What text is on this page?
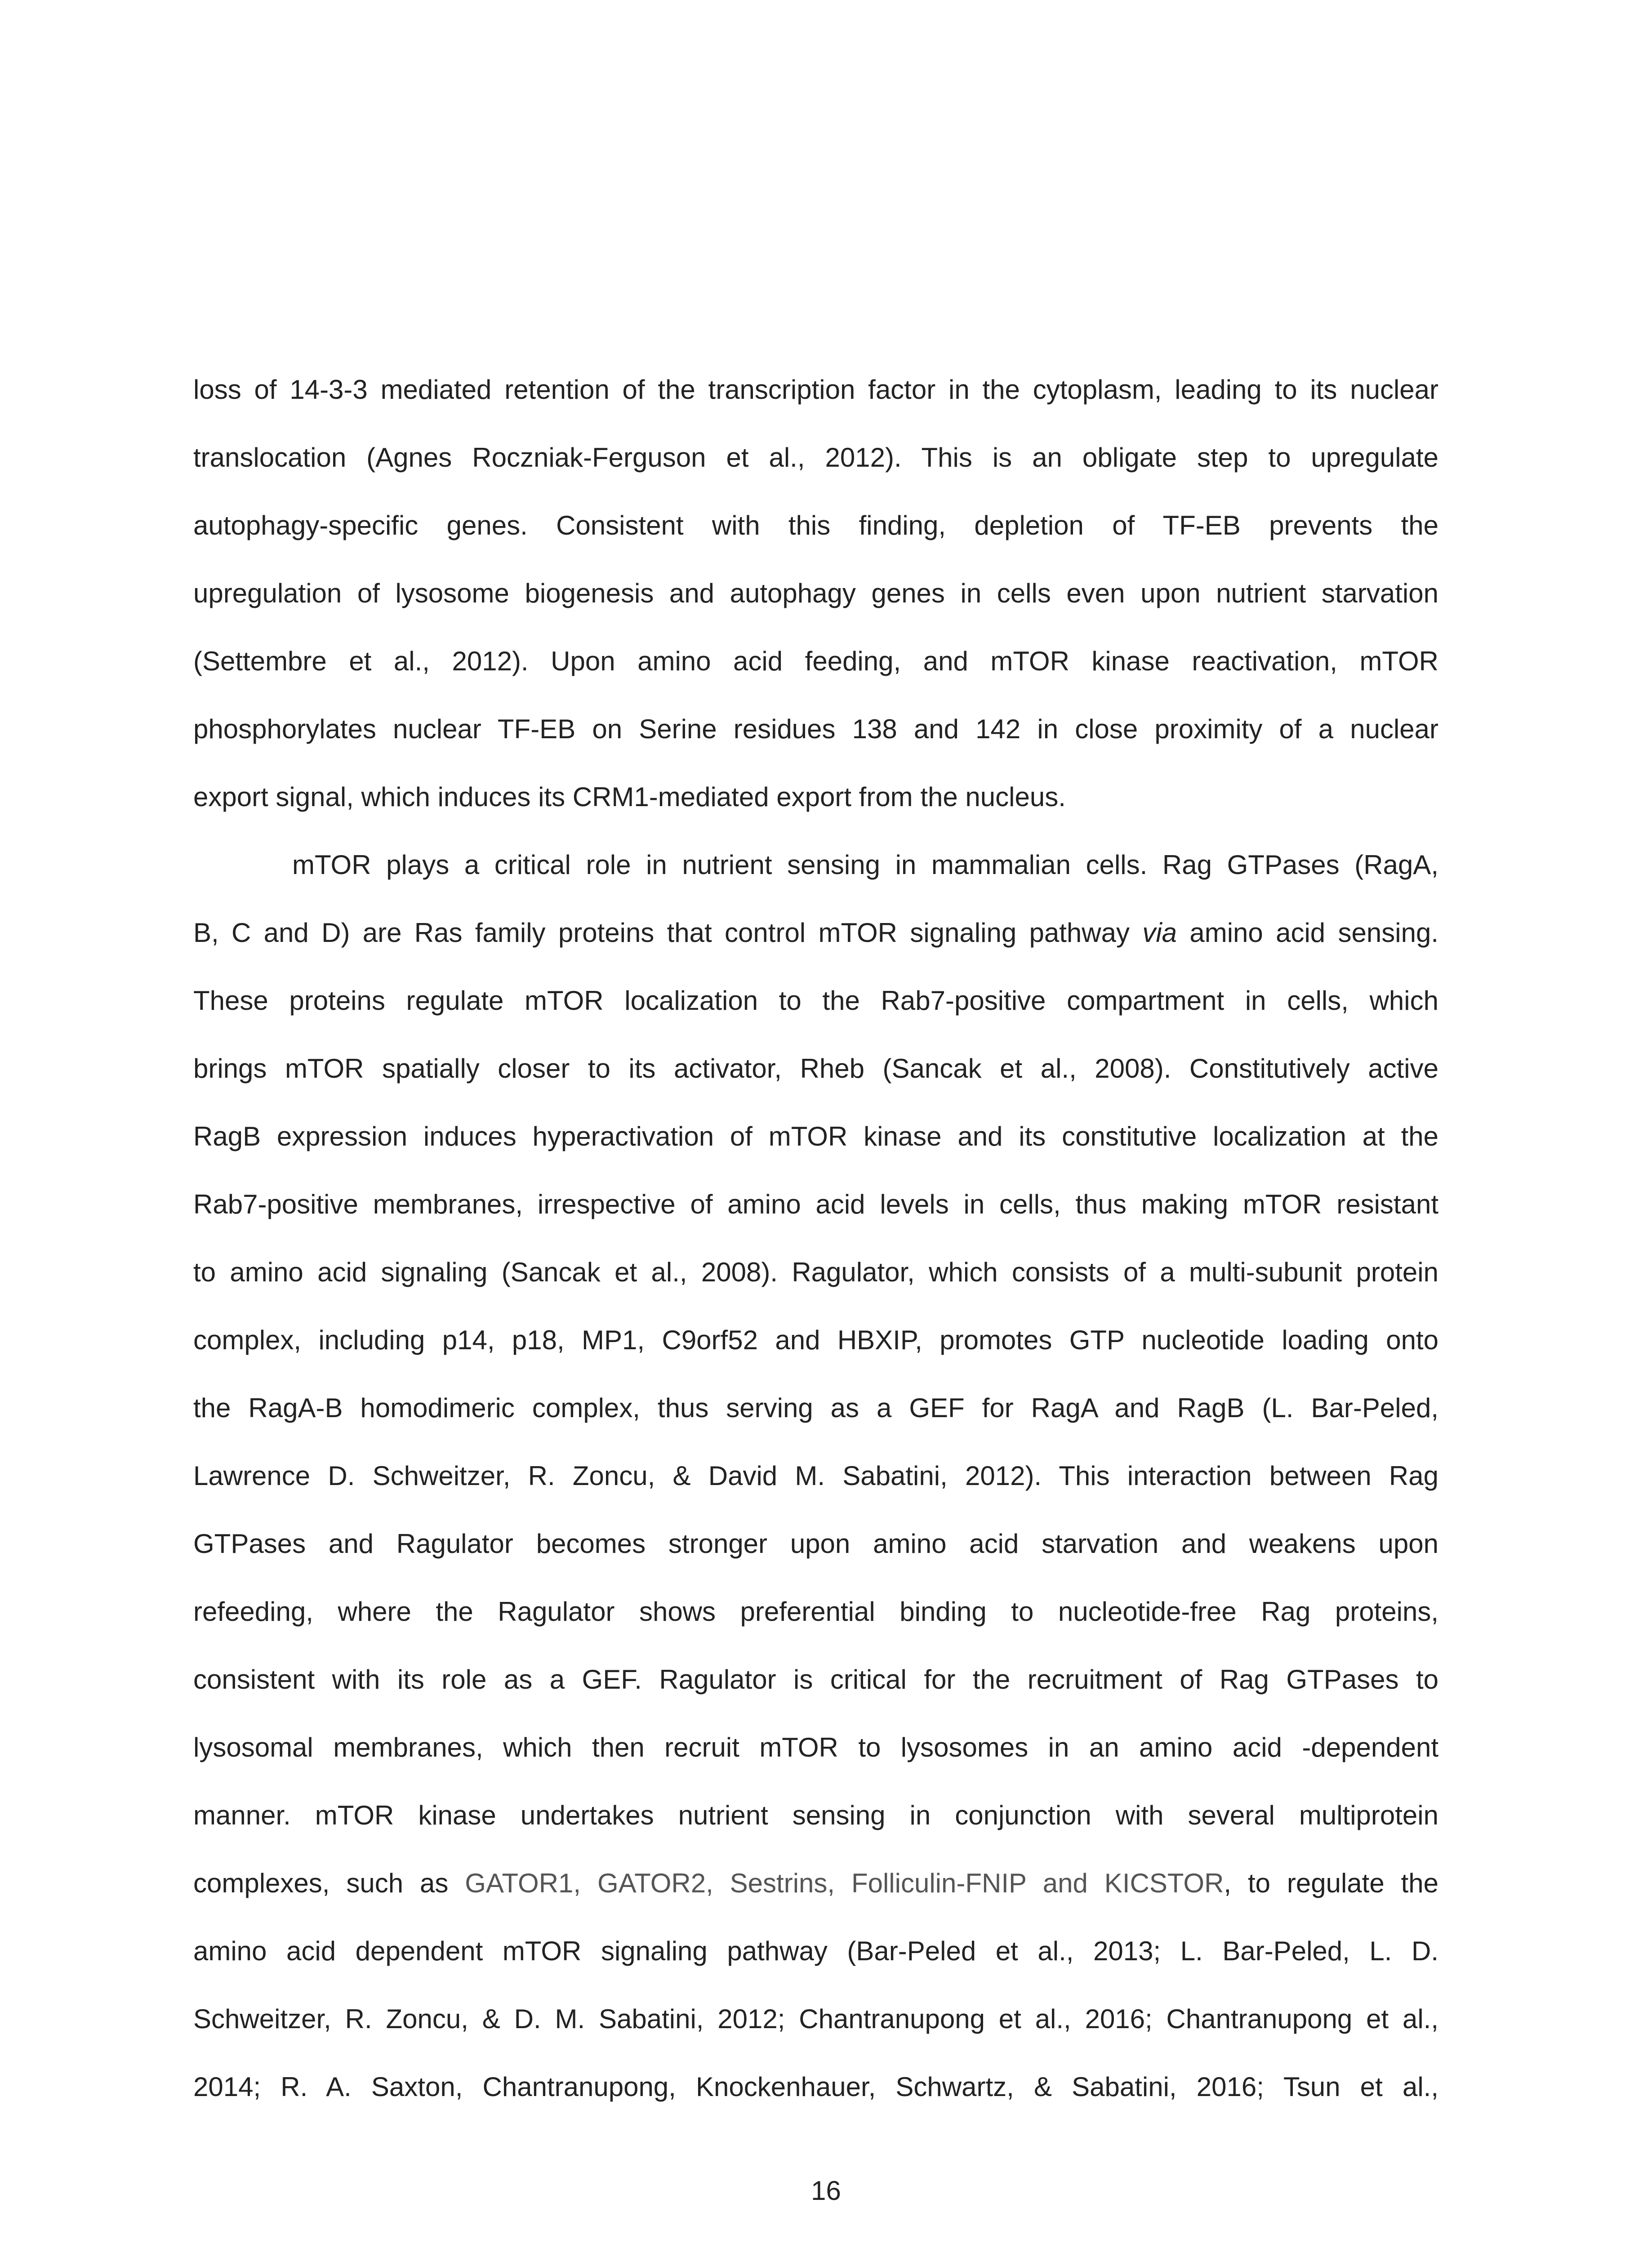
loss of 14-3-3 mediated retention of the transcription factor in the cytoplasm, leading to its nuclear
translocation (Agnes Roczniak-Ferguson et al., 2012). This is an obligate step to upregulate
autophagy-specific genes. Consistent with this finding, depletion of TF-EB prevents the
upregulation of lysosome biogenesis and autophagy genes in cells even upon nutrient starvation
(Settembre et al., 2012). Upon amino acid feeding, and mTOR kinase reactivation, mTOR
phosphorylates nuclear TF-EB on Serine residues 138 and 142 in close proximity of a nuclear
export signal, which induces its CRM1-mediated export from the nucleus.
mTOR plays a critical role in nutrient sensing in mammalian cells. Rag GTPases (RagA,
B, C and D) are Ras family proteins that control mTOR signaling pathway via amino acid sensing.
These proteins regulate mTOR localization to the Rab7-positive compartment in cells, which
brings mTOR spatially closer to its activator, Rheb (Sancak et al., 2008). Constitutively active
RagB expression induces hyperactivation of mTOR kinase and its constitutive localization at the
Rab7-positive membranes, irrespective of amino acid levels in cells, thus making mTOR resistant
to amino acid signaling (Sancak et al., 2008). Ragulator, which consists of a multi-subunit protein
complex, including p14, p18, MP1, C9orf52 and HBXIP, promotes GTP nucleotide loading onto
the RagA-B homodimeric complex, thus serving as a GEF for RagA and RagB (L. Bar-Peled,
Lawrence D. Schweitzer, R. Zoncu, & David M. Sabatini, 2012). This interaction between Rag
GTPases and Ragulator becomes stronger upon amino acid starvation and weakens upon
refeeding, where the Ragulator shows preferential binding to nucleotide-free Rag proteins,
consistent with its role as a GEF. Ragulator is critical for the recruitment of Rag GTPases to
lysosomal membranes, which then recruit mTOR to lysosomes in an amino acid -dependent
manner. mTOR kinase undertakes nutrient sensing in conjunction with several multiprotein
complexes, such as GATOR1, GATOR2, Sestrins, Folliculin-FNIP and KICSTOR, to regulate the
amino acid dependent mTOR signaling pathway (Bar-Peled et al., 2013; L. Bar-Peled, L. D.
Schweitzer, R. Zoncu, & D. M. Sabatini, 2012; Chantranupong et al., 2016; Chantranupong et al.,
2014; R. A. Saxton, Chantranupong, Knockenhauer, Schwartz, & Sabatini, 2016; Tsun et al.,
16
